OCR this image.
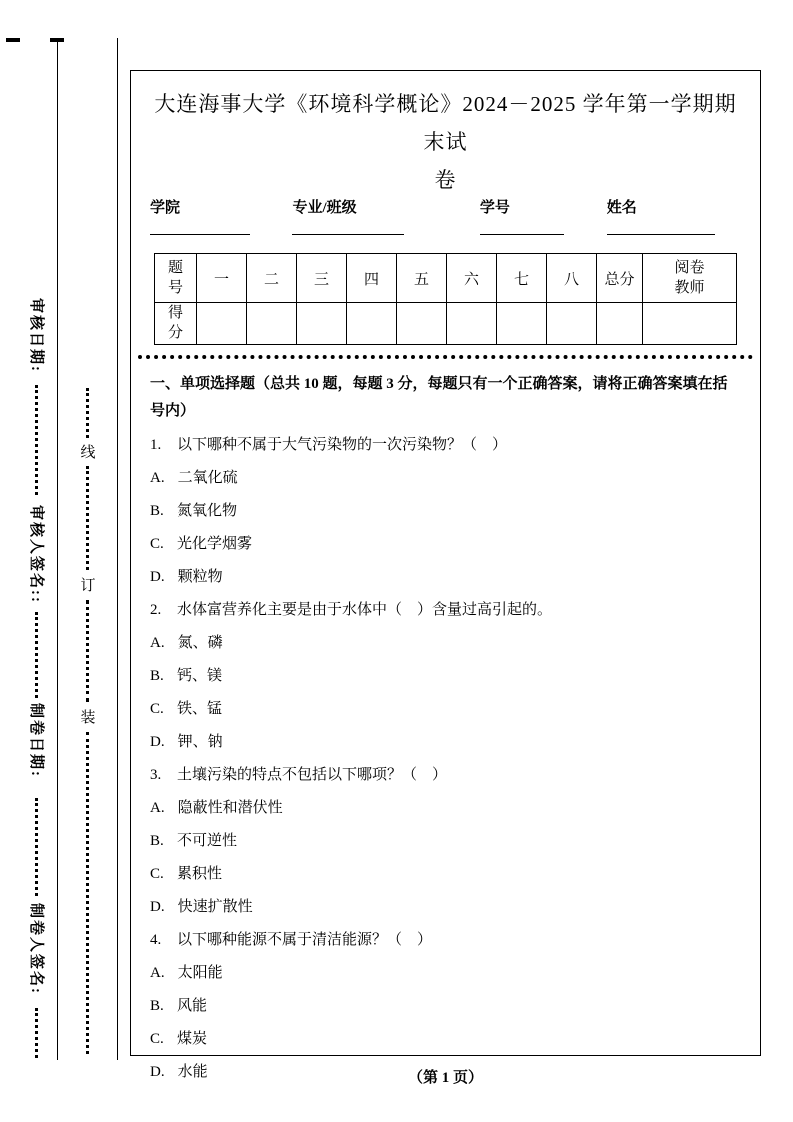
审核日期:
审核人签名::
制卷日期:
制卷人签名:
线
订
装
大连海事大学《环境科学概论》2024－2025 学年第一学期期末试
卷
学院	专业/班级	学号	姓名
题号	一	二	三	四	五	六	七	八	总分	阅卷教师

得分										

一、单项选择题（总共 10 题，每题 3 分，每题只有一个正确答案，请将正确答案填在括号内）

1. 以下哪种不属于大气污染物的一次污染物？（　）

A. 二氧化硫

B. 氮氧化物

C. 光化学烟雾

D. 颗粒物

2. 水体富营养化主要是由于水体中（　）含量过高引起的。

A. 氮、磷

B. 钙、镁

C. 铁、锰

D. 钾、钠

3. 土壤污染的特点不包括以下哪项？（　）

A. 隐蔽性和潜伏性

B. 不可逆性

C. 累积性

D. 快速扩散性

4. 以下哪种能源不属于清洁能源？（　）

A. 太阳能

B. 风能

C. 煤炭

D. 水能	（第 1 页）
